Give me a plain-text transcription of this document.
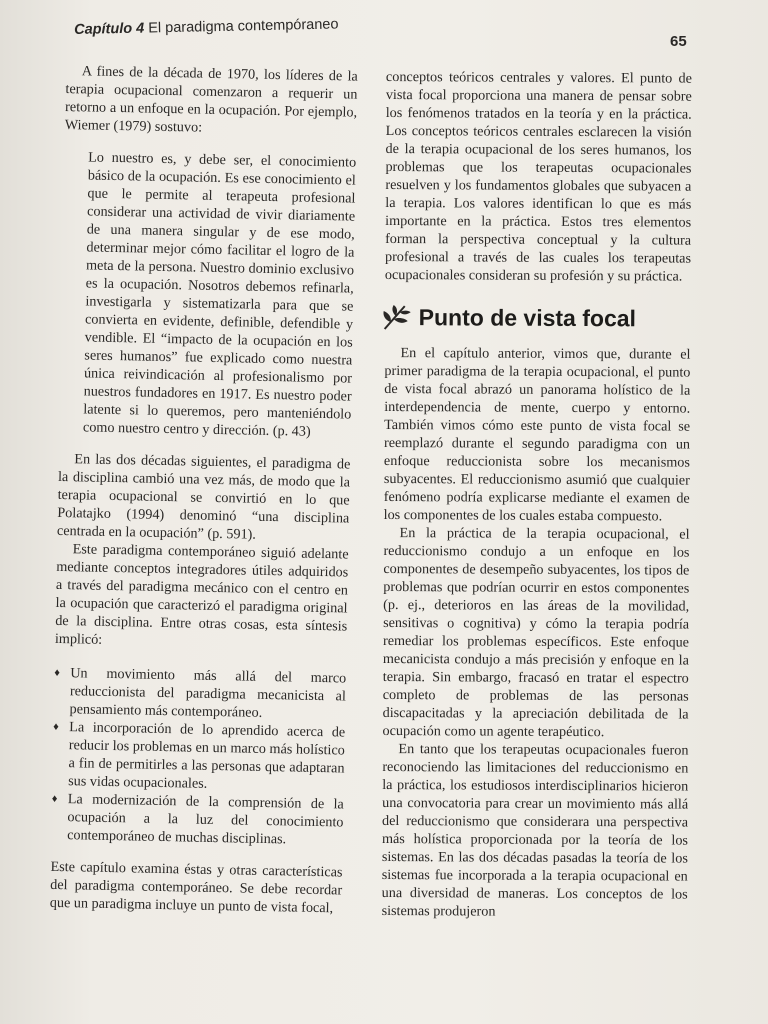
Capítulo 4 El paradigma contempóraneo
65

A fines de la década de 1970, los líderes de la terapia ocupacional comenzaron a requerir un retorno a un enfoque en la ocupación. Por ejemplo, Wiemer (1979) sostuvo:

Lo nuestro es, y debe ser, el conocimiento básico de la ocupación. Es ese conocimiento el que le permite al terapeuta profesional considerar una actividad de vivir diariamente de una manera singular y de ese modo, determinar mejor cómo facilitar el logro de la meta de la persona. Nuestro dominio exclusivo es la ocupación. Nosotros debemos refinarla, investigarla y sistematizarla para que se convierta en evidente, definible, defendible y vendible. El “impacto de la ocupación en los seres humanos” fue explicado como nuestra única reivindicación al profesionalismo por nuestros fundadores en 1917. Es nuestro poder latente si lo queremos, pero manteniéndolo como nuestro centro y dirección. (p. 43)

En las dos décadas siguientes, el paradigma de la disciplina cambió una vez más, de modo que la terapia ocupacional se convirtió en lo que Polatajko (1994) denominó “una disciplina centrada en la ocupación” (p. 591).

Este paradigma contemporáneo siguió adelante mediante conceptos integradores útiles adquiridos a través del paradigma mecánico con el centro en la ocupación que caracterizó el paradigma original de la disciplina. Entre otras cosas, esta síntesis implicó:

♦ Un movimiento más allá del marco reduccionista del paradigma mecanicista al pensamiento más contemporáneo.
♦ La incorporación de lo aprendido acerca de reducir los problemas en un marco más holístico a fin de permitirles a las personas que adaptaran sus vidas ocupacionales.
♦ La modernización de la comprensión de la ocupación a la luz del conocimiento contemporáneo de muchas disciplinas.

Este capítulo examina éstas y otras características del paradigma contemporáneo. Se debe recordar que un paradigma incluye un punto de vista focal,

conceptos teóricos centrales y valores. El punto de vista focal proporciona una manera de pensar sobre los fenómenos tratados en la teoría y en la práctica. Los conceptos teóricos centrales esclarecen la visión de la terapia ocupacional de los seres humanos, los problemas que los terapeutas ocupacionales resuelven y los fundamentos globales que subyacen a la terapia. Los valores identifican lo que es más importante en la práctica. Estos tres elementos forman la perspectiva conceptual y la cultura profesional a través de las cuales los terapeutas ocupacionales consideran su profesión y su práctica.

Punto de vista focal

En el capítulo anterior, vimos que, durante el primer paradigma de la terapia ocupacional, el punto de vista focal abrazó un panorama holístico de la interdependencia de mente, cuerpo y entorno. También vimos cómo este punto de vista focal se reemplazó durante el segundo paradigma con un enfoque reduccionista sobre los mecanismos subyacentes. El reduccionismo asumió que cualquier fenómeno podría explicarse mediante el examen de los componentes de los cuales estaba compuesto.

En la práctica de la terapia ocupacional, el reduccionismo condujo a un enfoque en los componentes de desempeño subyacentes, los tipos de problemas que podrían ocurrir en estos componentes (p. ej., deterioros en las áreas de la movilidad, sensitivas o cognitiva) y cómo la terapia podría remediar los problemas específicos. Este enfoque mecanicista condujo a más precisión y enfoque en la terapia. Sin embargo, fracasó en tratar el espectro completo de problemas de las personas discapacitadas y la apreciación debilitada de la ocupación como un agente terapéutico.

En tanto que los terapeutas ocupacionales fueron reconociendo las limitaciones del reduccionismo en la práctica, los estudiosos interdisciplinarios hicieron una convocatoria para crear un movimiento más allá del reduccionismo que considerara una perspectiva más holística proporcionada por la teoría de los sistemas. En las dos décadas pasadas la teoría de los sistemas fue incorporada a la terapia ocupacional en una diversidad de maneras. Los conceptos de los sistemas produjeron
